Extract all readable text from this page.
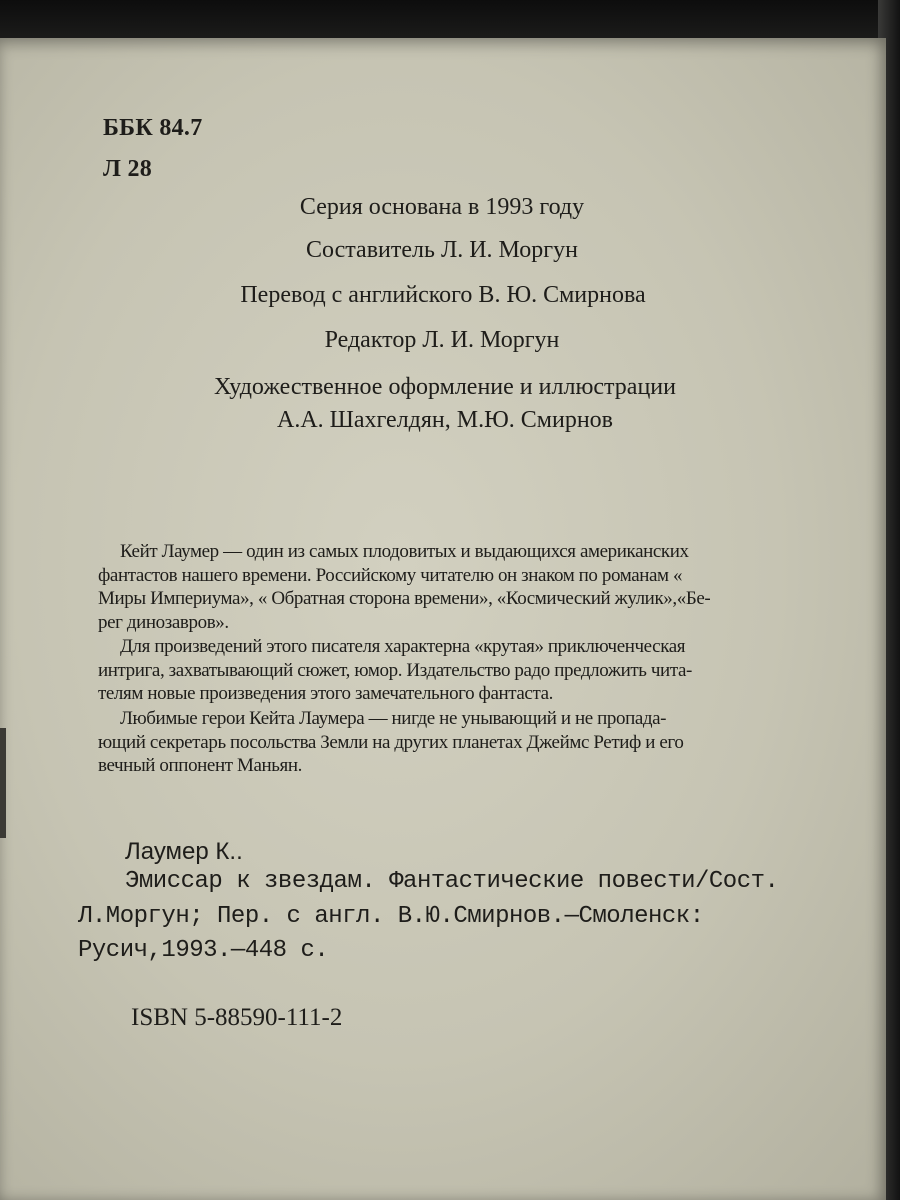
ББК 84.7
Л 28
Серия основана в 1993 году
Составитель Л. И. Моргун
Перевод с английского В. Ю. Смирнова
Редактор Л. И. Моргун
Художественное оформление и иллюстрации
А.А. Шахгелдян, М.Ю. Смирнов
Кейт Лаумер — один из самых плодовитых и выдающихся американских
фантастов нашего времени. Российскому читателю он знаком по романам «
Миры Империума», « Обратная сторона времени», «Космический жулик»,«Бе-
рег динозавров».
Для произведений этого писателя характерна «крутая» приключенческая
интрига, захватывающий сюжет, юмор. Издательство радо предложить чита-
телям новые произведения этого замечательного фантаста.
Любимые герои Кейта Лаумера — нигде не унывающий и не пропада-
ющий секретарь посольства Земли на других планетах Джеймс Ретиф и его
вечный оппонент Маньян.
Лаумер К..
Эмиссар к звездам. Фантастические повести/Сост.
Л.Моргун; Пер. с англ. В.Ю.Смирнов.—Смоленск:
Русич,1993.—448 с.
ISBN 5-88590-111-2
